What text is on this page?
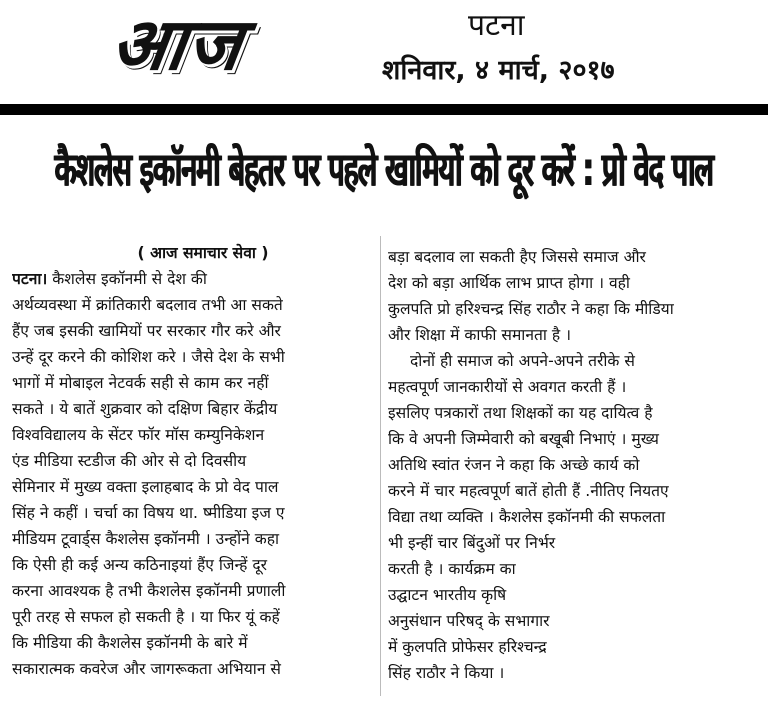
आज	पटना
शनिवार, ४ मार्च, २०१७
कैशलेस इकॉनमी बेहतर पर पहले खामियों को दूर करें : प्रो वेद पाल
( आज समाचार सेवा )
पटना। कैशलेस इकॉनमी से देश की
अर्थव्यवस्था में क्रांतिकारी बदलाव तभी आ सकते
हैंए जब इसकी खामियों पर सरकार गौर करे और
उन्हें दूर करने की कोशिश करे । जैसे देश के सभी
भागों में मोबाइल नेटवर्क सही से काम कर नहीं
सकते । ये बातें शुक्रवार को दक्षिण बिहार केंद्रीय
विश्वविद्यालय के सेंटर फॉर मॉस कम्युनिकेशन
एंड मीडिया स्टडीज की ओर से दो दिवसीय
सेमिनार में मुख्य वक्ता इलाहबाद के प्रो वेद पाल
सिंह ने कहीं । चर्चा का विषय था. ष्मीडिया इज ए
मीडियम टूवार्ड्स कैशलेस इकॉनमी । उन्होंने कहा
कि ऐसी ही कई अन्य कठिनाइयां हैंए जिन्हें दूर
करना आवश्यक है तभी कैशलेस इकॉनमी प्रणाली
पूरी तरह से सफल हो सकती है । या फिर यूं कहें
कि मीडिया की कैशलेस इकॉनमी के बारे में
सकारात्मक कवरेज और जागरूकता अभियान से
बड़ा बदलाव ला सकती हैए जिससे समाज और
देश को बड़ा आर्थिक लाभ प्राप्त होगा । वही
कुलपति प्रो हरिश्चन्द्र सिंह राठौर ने कहा कि मीडिया
और शिक्षा में काफी समानता है ।
दोनों ही समाज को अपने-अपने तरीके से
महत्वपूर्ण जानकारीयों से अवगत करती हैं ।
इसलिए पत्रकारों तथा शिक्षकों का यह दायित्व है
कि वे अपनी जिम्मेवारी को बखूबी निभाएं । मुख्य
अतिथि स्वांत रंजन ने कहा कि अच्छे कार्य को
करने में चार महत्वपूर्ण बातें होती हैं .नीतिए नियतए
विद्या तथा व्यक्ति । कैशलेस इकॉनमी की सफलता
भी इन्हीं चार बिंदुओं पर निर्भर
करती है । कार्यक्रम का
उद्घाटन भारतीय कृषि
अनुसंधान परिषद् के सभागार
में कुलपति प्रोफेसर हरिश्चन्द्र
सिंह राठौर ने किया ।
